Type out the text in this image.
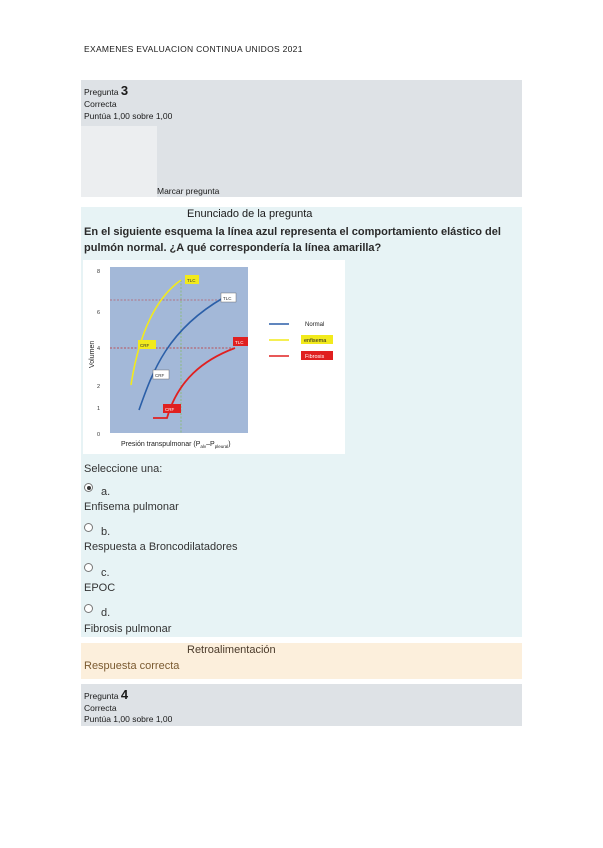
EXAMENES EVALUACION CONTINUA UNIDOS 2021
Pregunta 3
Correcta
Puntúa 1,00 sobre 1,00
Marcar pregunta
Enunciado de la pregunta
En el siguiente esquema la línea azul representa el comportamiento elástico del pulmón normal. ¿A qué correspondería la línea amarilla?
8
6
4
2
1
0
Volumen
TLC
TLC
TLC
CRF
CRF
CRF
Normal
enfisema
Fibrosis
Presión transpulmonar $(P_{alv}-P_{pleural})$
Seleccione una:
a.
Enfisema pulmonar
b.
Respuesta a Broncodilatadores
c.
EPOC
d.
Fibrosis pulmonar
Retroalimentación
Respuesta correcta
Pregunta 4
Correcta
Puntúa 1,00 sobre 1,00
